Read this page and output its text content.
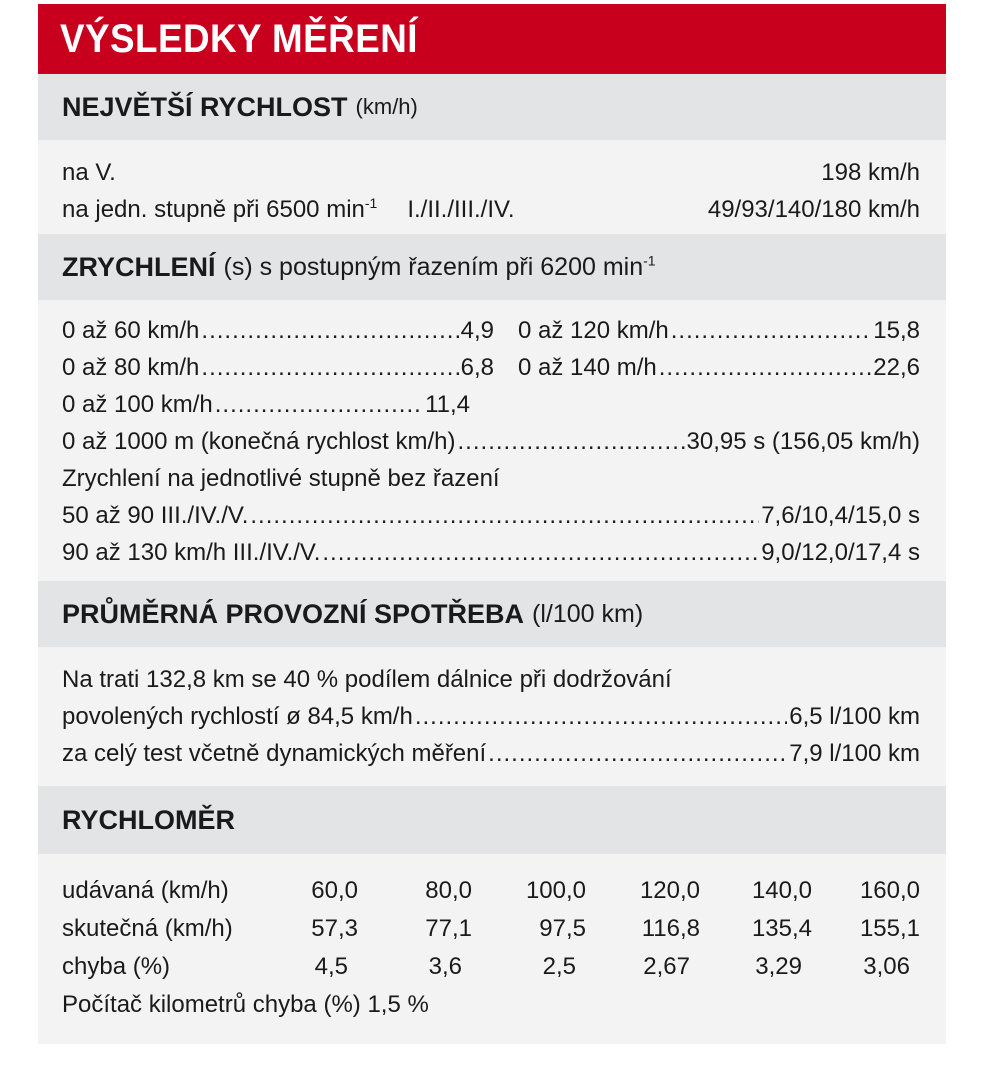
VÝSLEDKY MĚŘENÍ
NEJVĚTŠÍ RYCHLOST (km/h)
na V.	198 km/h
na jedn. stupně při 6500 $\min^{-1} I./II./III./IV$.	49/93/140/180 km/h
ZRYCHLENÍ (s) s postupným řazením při 6200 $\min^{-1}$
0 až 60 km/h .....	4,9
0 až 80 km/h .....	6,8
0 až 100 km/h .....	11,4
0 až 120 km/h .....	15,8
0 až 140 m/h .....	22,6
0 až 1000 m (konečná rychlost km/h) .....	30,95 s (156,05 km/h)
Zrychlení na jednotlivé stupně bez řazení
50 až 90 III./IV./V. .....	7,6/10,4/15,0 s
90 až 130 km/h III./IV./V. .....	9,0/12,0/17,4 s
PRŮMĚRNÁ PROVOZNÍ SPOTŘEBA (l/100 km)
Na trati 132,8 km se 40 % podílem dálnice při dodržování
povolených rychlostí ø 84,5 km/h .....	6,5 l/100 km
za celý test včetně dynamických měření .....	7,9 l/100 km
RYCHLOMĚR
udávaná (km/h)	60,0	80,0	100,0	120,0	140,0	160,0
skutečná (km/h)	57,3	77,1	97,5	116,8	135,4	155,1
chyba (%)	4,5	3,6	2,5	2,67	3,29	3,06
Počítač kilometrů chyba (%) 1,5 %
